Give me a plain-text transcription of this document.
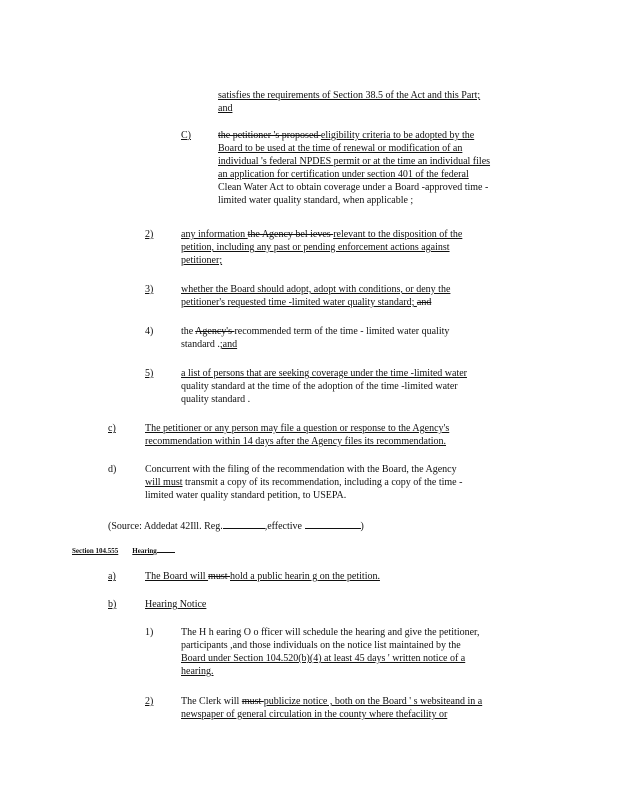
satisfies the requirements of Section 38.5 of the Act and this Part;
and
C)	the petitioner 's proposed eligibility criteria to be adopted by the
Board to be used at the time of renewal or modification of an
individual 's federal NPDES permit or at the time an individual files
an application for certification under section 401 of the federal
Clean Water Act to obtain coverage under a Board -approved time -
limited water quality standard, when applicable ;
2)	any information the Agency bel ieves relevant to the disposition of the
petition, including any past or pending enforcement actions against
petitioner;
3)	whether the Board should adopt, adopt with conditions, or deny the
petitioner's requested time -limited water quality standard; and
4)	the Agency's recommended term of the time - limited water quality
standard .;and
5)	a list of persons that are seeking coverage under the time -limited water
quality standard at the time of the adoption of the time -limited water
quality standard .
c)	The petitioner or any person may file a question or response to the Agency's
recommendation within 14 days after the Agency files its recommendation.
d)	Concurrent with the filing of the recommendation with the Board, the Agency
will must transmit a copy of its recommendation, including a copy of the time -
limited water quality standard petition, to USEPA.
(Source: Addedat 42Ill. Reg.	,effective	)
Section 104.555 Hearing
a)	The Board will must hold a public hearin g on the petition.
b)	Hearing Notice
1)	The H h earing O o fficer will schedule the hearing and give the petitioner,
participants ,and those individuals on the notice list maintained by the
Board under Section 104.520(b)(4) at least 45 days ' written notice of a
hearing.
2)	The Clerk will must publicize notice , both on the Board ' s websiteand in a
newspaper of general circulation in the county where thefacility or
